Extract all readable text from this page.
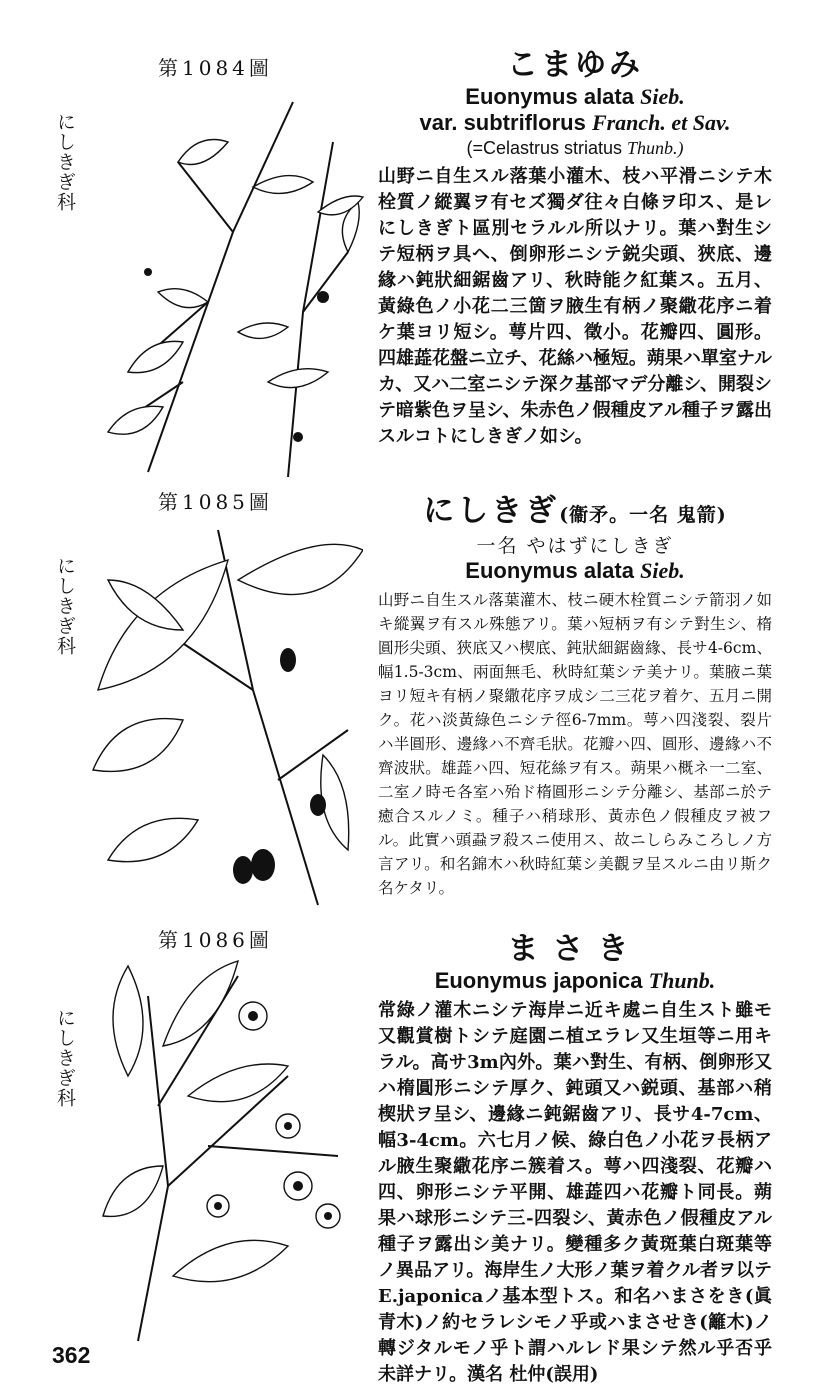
第1084圖
にしきぎ科
こまゆみ
Euonymus alata Sieb.
var. subtriflorus Franch. et Sav.
(=Celastrus striatus Thunb.)
山野ニ自生スル落葉小灌木、枝ハ平滑ニシテ木栓質ノ縱翼ヲ有セズ獨ダ往々白條ヲ印ス、是レにしきぎト區別セラルル所以ナリ。葉ハ對生シテ短柄ヲ具ヘ、倒卵形ニシテ鋭尖頭、狹底、邊緣ハ鈍狀細鋸齒アリ、秋時能ク紅葉ス。五月、黃綠色ノ小花二三箇ヲ腋生有柄ノ聚繖花序ニ着ケ葉ヨリ短シ。萼片四、徵小。花瓣四、圓形。四雄蕋花盤ニ立チ、花絲ハ極短。蒴果ハ單室ナルカ、又ハ二室ニシテ深ク基部マデ分離シ、開裂シテ暗紫色ヲ呈シ、朱赤色ノ假種皮アル種子ヲ露出スルコトにしきぎノ如シ。
第1085圖
にしきぎ科
にしきぎ(衞矛。一名 鬼箭)
一名 やはずにしきぎ
Euonymus alata Sieb.
山野ニ自生スル落葉灌木、枝ニ硬木栓質ニシテ箭羽ノ如キ縱翼ヲ有スル殊態アリ。葉ハ短柄ヲ有シテ對生シ、楕圓形尖頭、狹底又ハ楔底、鈍狀細鋸齒緣、長サ4-6cm、幅1.5-3cm、兩面無毛、秋時紅葉シテ美ナリ。葉腋ニ葉ヨリ短キ有柄ノ聚繖花序ヲ成シ二三花ヲ着ケ、五月ニ開ク。花ハ淡黃綠色ニシテ徑6-7mm。萼ハ四淺裂、裂片ハ半圓形、邊緣ハ不齊毛狀。花瓣ハ四、圓形、邊緣ハ不齊波狀。雄蕋ハ四、短花絲ヲ有ス。蒴果ハ概ネ一二室、二室ノ時モ各室ハ殆ド楕圓形ニシテ分離シ、基部ニ於テ癒合スルノミ。種子ハ稍球形、黃赤色ノ假種皮ヲ被フル。此實ハ頭蝨ヲ殺スニ使用ス、故ニしらみころしノ方言アリ。和名錦木ハ秋時紅葉シ美觀ヲ呈スルニ由リ斯ク名ケタリ。
第1086圖
にしきぎ科
まさき
Euonymus japonica Thunb.
常綠ノ灌木ニシテ海岸ニ近キ處ニ自生スト雖モ又觀賞樹トシテ庭園ニ植ヱラレ又生垣等ニ用キラル。高サ3m內外。葉ハ對生、有柄、倒卵形又ハ楕圓形ニシテ厚ク、鈍頭又ハ鋭頭、基部ハ稍楔狀ヲ呈シ、邊緣ニ鈍鋸齒アリ、長サ4-7cm、幅3-4cm。六七月ノ候、綠白色ノ小花ヲ長柄アル腋生聚繖花序ニ簇着ス。萼ハ四淺裂、花瓣ハ四、卵形ニシテ平開、雄蕋四ハ花瓣ト同長。蒴果ハ球形ニシテ三-四裂シ、黃赤色ノ假種皮アル種子ヲ露出シ美ナリ。變種多ク黃斑葉白斑葉等ノ異品アリ。海岸生ノ大形ノ葉ヲ着クル者ヲ以テE.japonicaノ基本型トス。和名ハまさをき(眞青木)ノ約セラレシモノ乎或ハまさせき(籬木)ノ轉ジタルモノ乎ト謂ハルレド果シテ然ル乎否乎未詳ナリ。漢名 杜仲(誤用)
362
